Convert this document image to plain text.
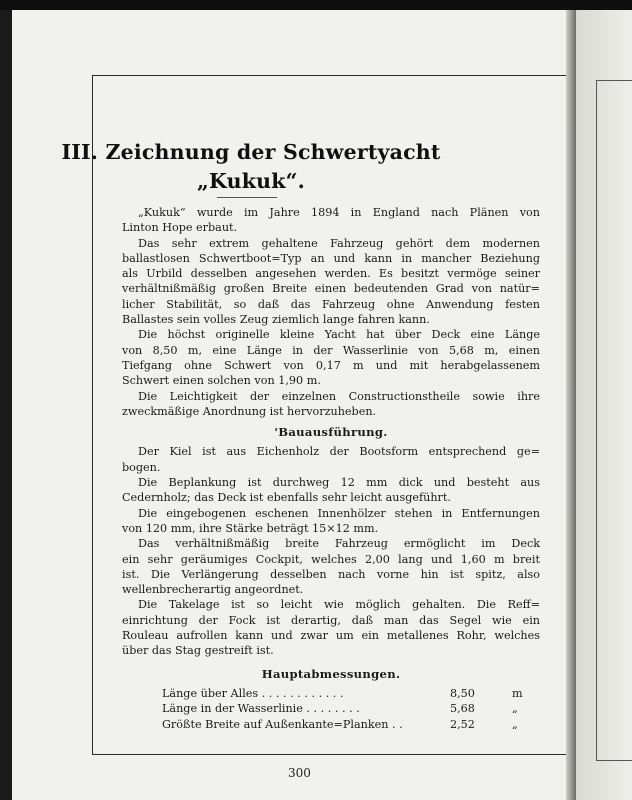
III. Zeichnung der Schwertyacht
„Kukuk“.

„Kukuk“ wurde im Jahre 1894 in England nach Plänen von
Linton Hope erbaut.

Das sehr extrem gehaltene Fahrzeug gehört dem modernen
ballastlosen Schwertboot=Typ an und kann in mancher Beziehung
als Urbild desselben angesehen werden. Es besitzt vermöge seiner
verhältnißmäßig großen Breite einen bedeutenden Grad von natür=
licher Stabilität, so daß das Fahrzeug ohne Anwendung festen
Ballastes sein volles Zeug ziemlich lange fahren kann.

Die höchst originelle kleine Yacht hat über Deck eine Länge
von 8,50 m, eine Länge in der Wasserlinie von 5,68 m, einen
Tiefgang ohne Schwert von 0,17 m und mit herabgelassenem
Schwert einen solchen von 1,90 m.

Die Leichtigkeit der einzelnen Constructionstheile sowie ihre
zweckmäßige Anordnung ist hervorzuheben.

'Bauausführung.

Der Kiel ist aus Eichenholz der Bootsform entsprechend ge=
bogen.

Die Beplankung ist durchweg 12 mm dick und besteht aus
Cedernholz; das Deck ist ebenfalls sehr leicht ausgeführt.

Die eingebogenen eschenen Innenhölzer stehen in Entfernungen
von 120 mm, ihre Stärke beträgt 15×12 mm.

Das verhältnißmäßig breite Fahrzeug ermöglicht im Deck
ein sehr geräumiges Cockpit, welches 2,00 lang und 1,60 m breit
ist. Die Verlängerung desselben nach vorne hin ist spitz, also
wellenbrecherartig angeordnet.

Die Takelage ist so leicht wie möglich gehalten. Die Reff=
einrichtung der Fock ist derartig, daß man das Segel wie ein
Rouleau aufrollen kann und zwar um ein metallenes Rohr, welches
über das Stag gestreift ist.

Hauptabmessungen.
Länge über Alles . . . . . . . . . . . .	8,50	m
Länge in der Wasserlinie . . . . . . . .	5,68	„
Größte Breite auf Außenkante=Planken . .	2,52	„
300
